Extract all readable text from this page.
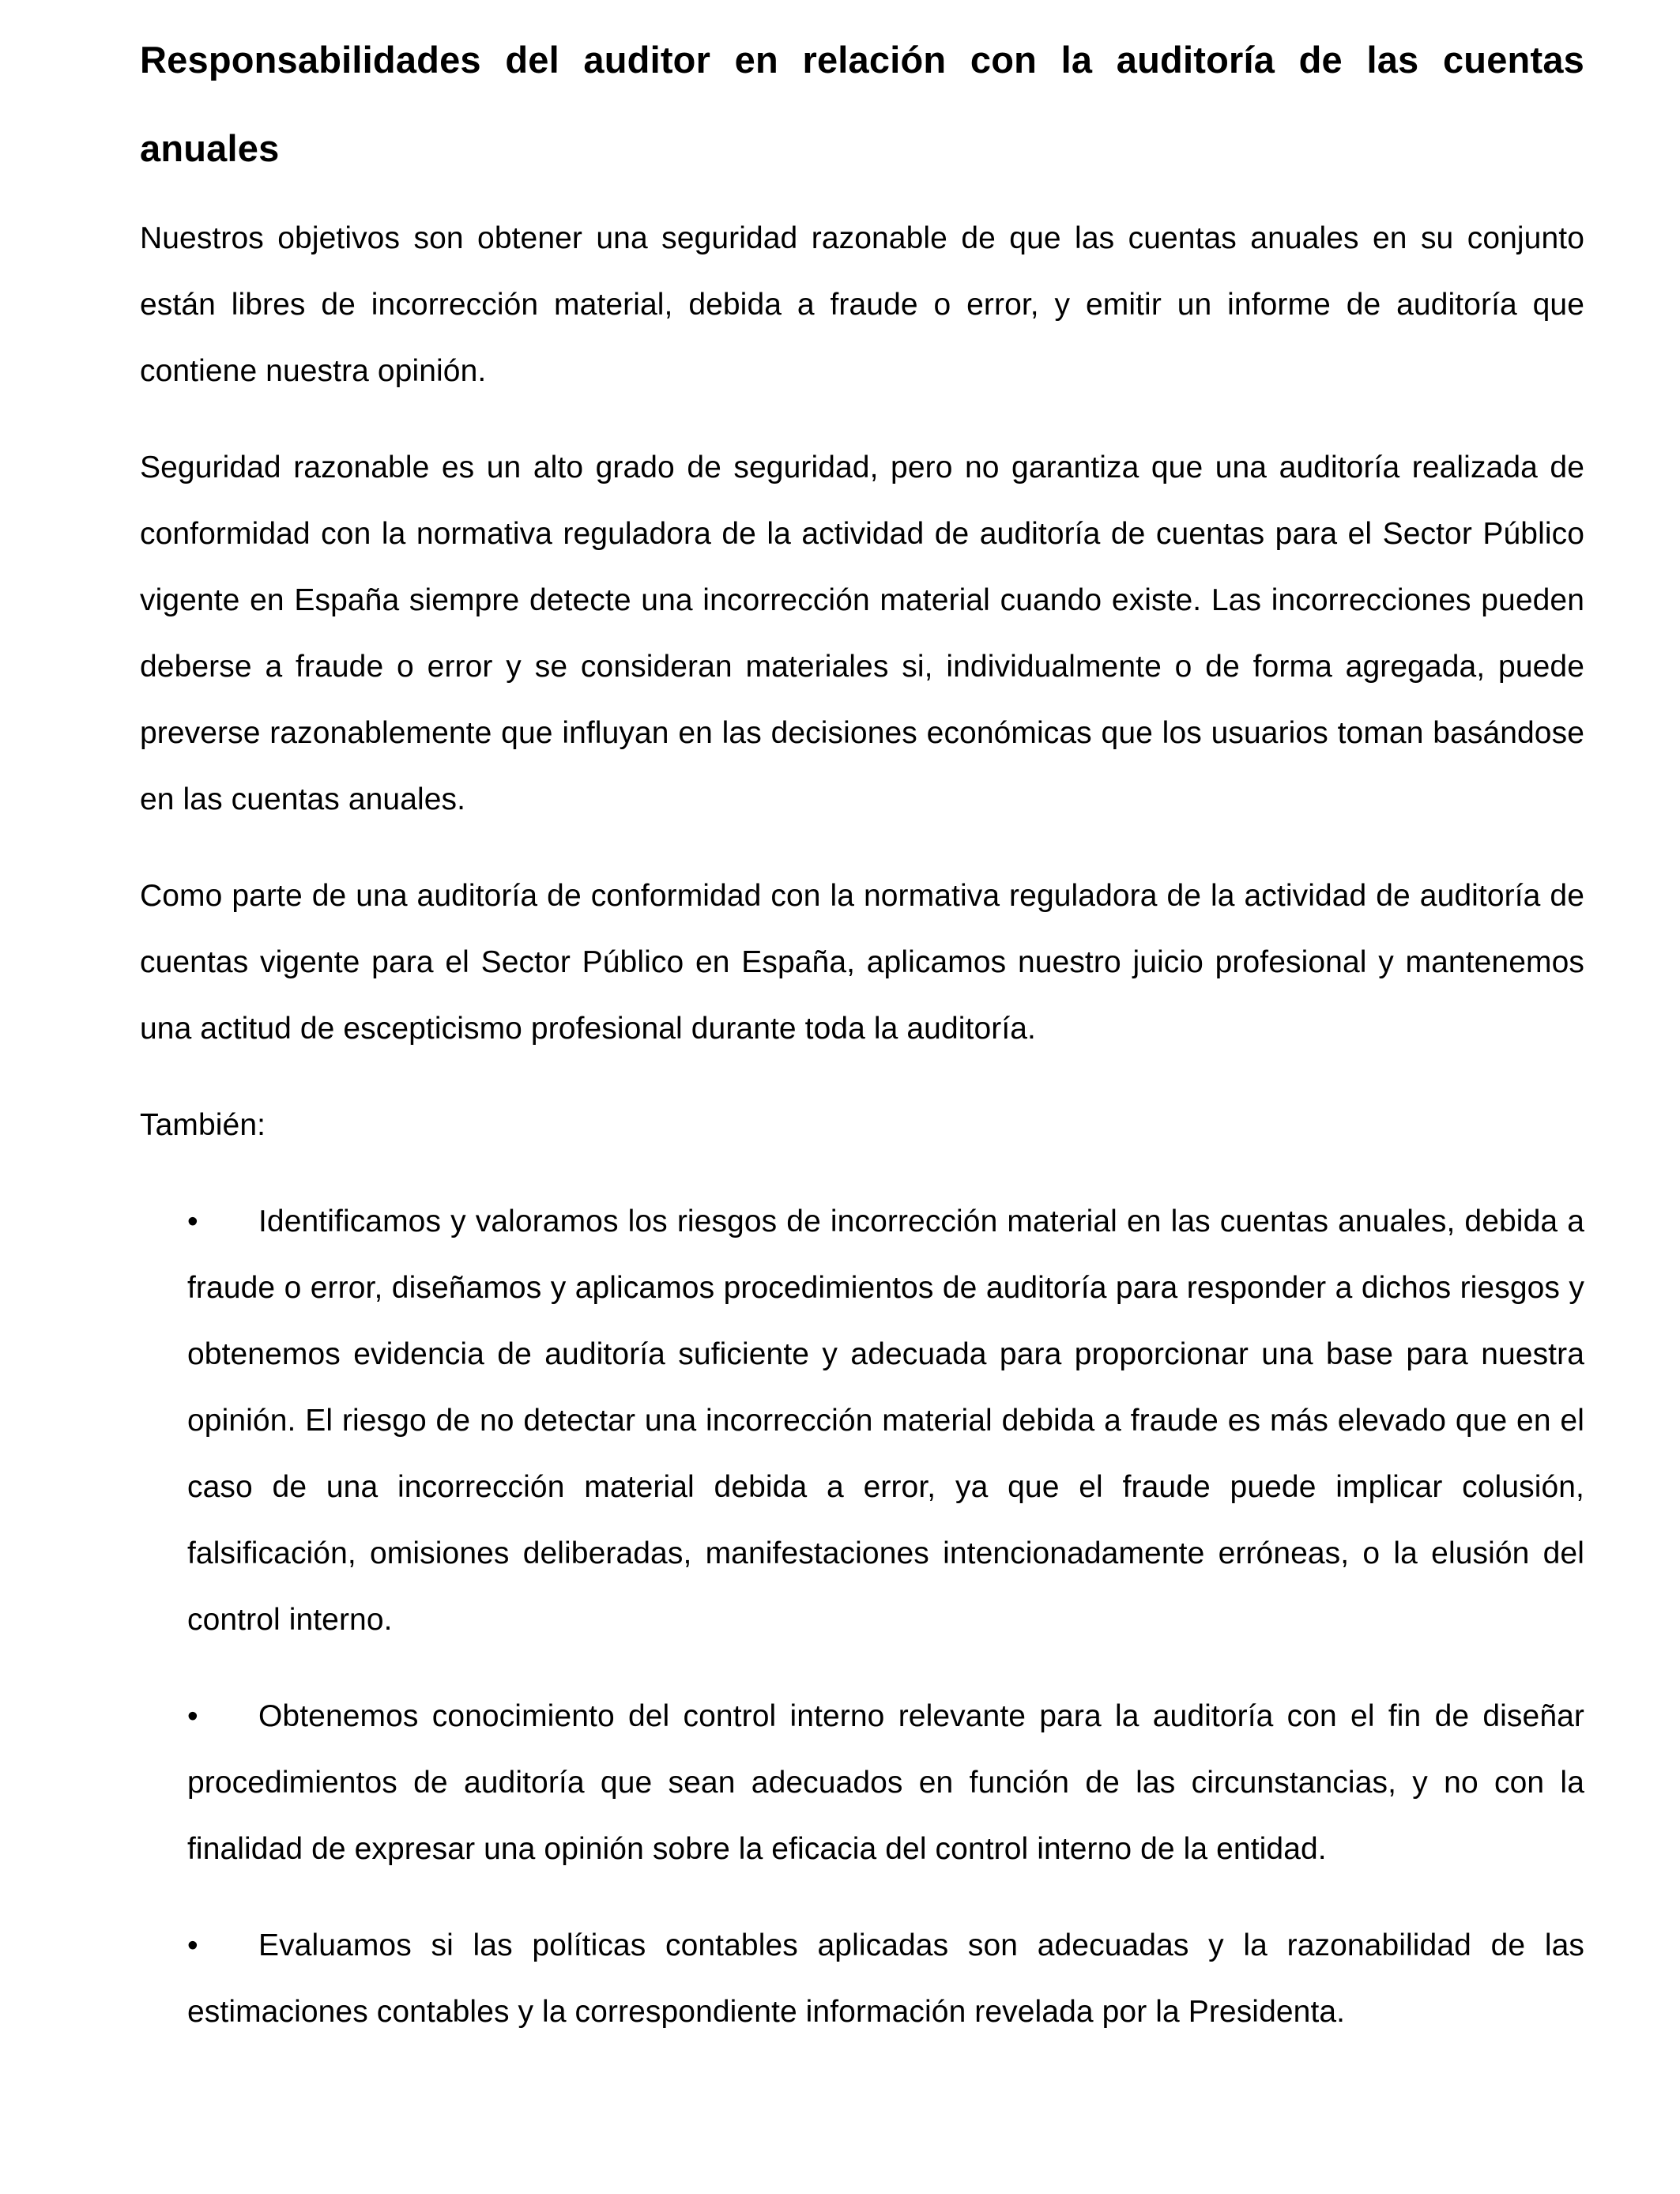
Responsabilidades del auditor en relación con la auditoría de las cuentas anuales

Nuestros objetivos son obtener una seguridad razonable de que las cuentas anuales en su conjunto están libres de incorrección material, debida a fraude o error, y emitir un informe de auditoría que contiene nuestra opinión.

Seguridad razonable es un alto grado de seguridad, pero no garantiza que una auditoría realizada de conformidad con la normativa reguladora de la actividad de auditoría de cuentas para el Sector Público vigente en España siempre detecte una incorrección material cuando existe. Las incorrecciones pueden deberse a fraude o error y se consideran materiales si, individualmente o de forma agregada, puede preverse razonablemente que influyan en las decisiones económicas que los usuarios toman basándose en las cuentas anuales.

Como parte de una auditoría de conformidad con la normativa reguladora de la actividad de auditoría de cuentas vigente para el Sector Público en España, aplicamos nuestro juicio profesional y mantenemos una actitud de escepticismo profesional durante toda la auditoría.

También:

• Identificamos y valoramos los riesgos de incorrección material en las cuentas anuales, debida a fraude o error, diseñamos y aplicamos procedimientos de auditoría para responder a dichos riesgos y obtenemos evidencia de auditoría suficiente y adecuada para proporcionar una base para nuestra opinión. El riesgo de no detectar una incorrección material debida a fraude es más elevado que en el caso de una incorrección material debida a error, ya que el fraude puede implicar colusión, falsificación, omisiones deliberadas, manifestaciones intencionadamente erróneas, o la elusión del control interno.
• Obtenemos conocimiento del control interno relevante para la auditoría con el fin de diseñar procedimientos de auditoría que sean adecuados en función de las circunstancias, y no con la finalidad de expresar una opinión sobre la eficacia del control interno de la entidad.
• Evaluamos si las políticas contables aplicadas son adecuadas y la razonabilidad de las estimaciones contables y la correspondiente información revelada por la Presidenta.
